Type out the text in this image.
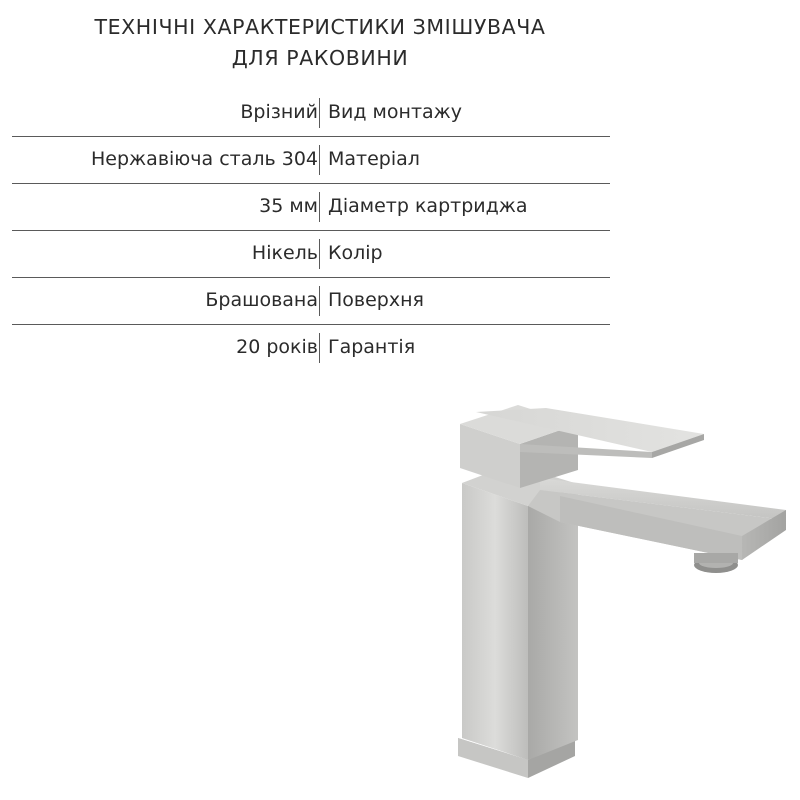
ТЕХНІЧНІ ХАРАКТЕРИСТИКИ ЗМІШУВАЧА
ДЛЯ РАКОВИНИ
Врізний Вид монтажу
Нержавіюча сталь 304 Матеріал
35 мм Діаметр картриджа
Нікель Колір
Брашована Поверхня
20 років Гарантія
